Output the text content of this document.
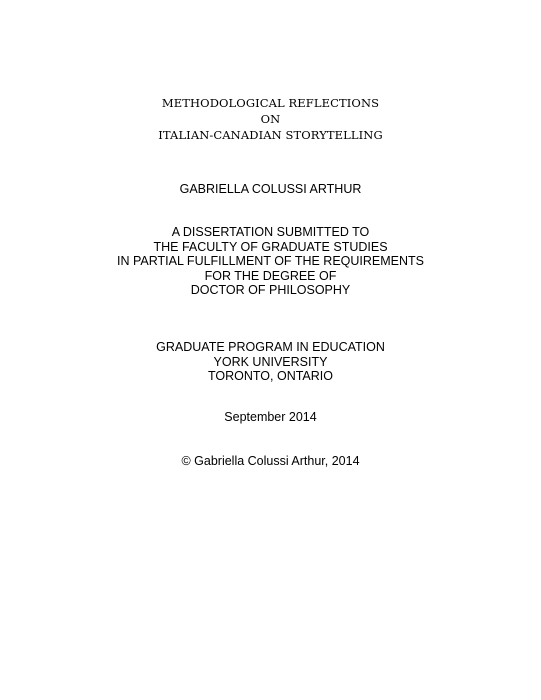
METHODOLOGICAL REFLECTIONS
ON
ITALIAN-CANADIAN STORYTELLING
GABRIELLA COLUSSI ARTHUR
A DISSERTATION SUBMITTED TO
THE FACULTY OF GRADUATE STUDIES
IN PARTIAL FULFILLMENT OF THE REQUIREMENTS
FOR THE DEGREE OF
DOCTOR OF PHILOSOPHY
GRADUATE PROGRAM IN EDUCATION
YORK UNIVERSITY
TORONTO, ONTARIO
September 2014
© Gabriella Colussi Arthur, 2014
